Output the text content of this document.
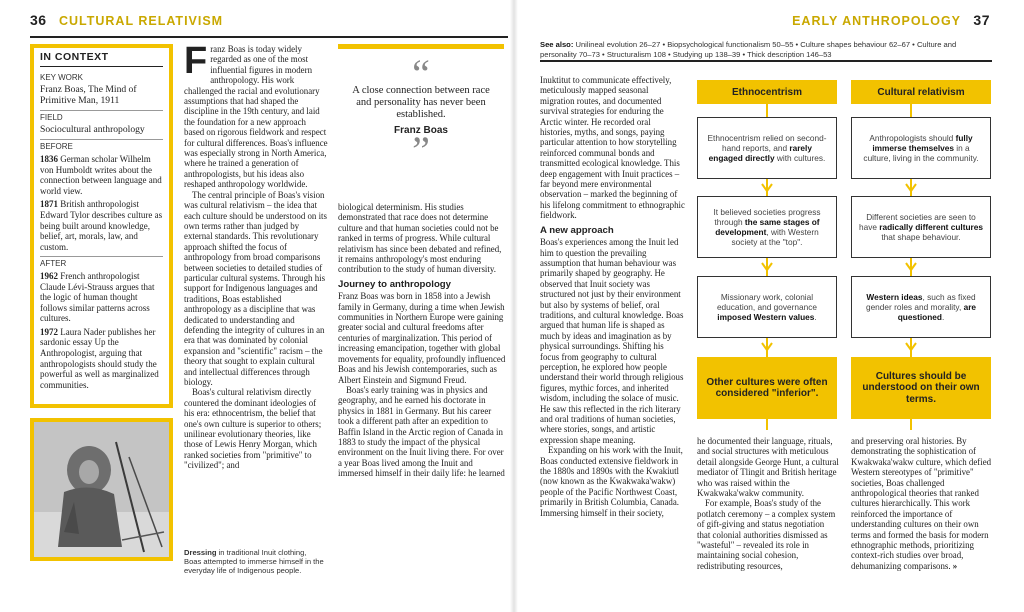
36 CULTURAL RELATIVISM	EARLY ANTHROPOLOGY 37
IN CONTEXT
KEY WORK

Franz Boas, The Mind of Primitive Man, 1911

FIELD

Sociocultural anthropology

BEFORE

1836 German scholar Wilhelm von Humboldt writes about the connection between language and world view.

1871 British anthropologist Edward Tylor describes culture as being built around knowledge, belief, art, morals, law, and custom.

AFTER

1962 French anthropologist Claude Lévi-Strauss argues that the logic of human thought follows similar patterns across cultures.

1972 Laura Nader publishes her sardonic essay Up the Anthropologist, arguing that anthropologists should study the powerful as well as marginalized communities.

Dressing in traditional Inuit clothing, Boas attempted to immerse himself in the everyday life of Indigenous people.

Franz Boas is today widely regarded as one of the most influential figures in modern anthropology. His work challenged the racial and evolutionary assumptions that had shaped the discipline in the 19th century, and laid the foundation for a new approach based on rigorous fieldwork and respect for cultural differences. Boas's influence was especially strong in North America, where he trained a generation of anthropologists, but his ideas also reshaped anthropology worldwide.

The central principle of Boas's vision was cultural relativism – the idea that each culture should be understood on its own terms rather than judged by external standards. This revolutionary approach shifted the focus of anthropology from broad comparisons between societies to detailed studies of particular cultural systems. Through his support for Indigenous languages and traditions, Boas established anthropology as a discipline that was dedicated to understanding and defending the integrity of cultures in an era that was dominated by colonial expansion and "scientific" racism – the theory that sought to explain cultural and intellectual differences through biology.

Boas's cultural relativism directly countered the dominant ideologies of his era: ethnocentrism, the belief that one's own culture is superior to others; unilinear evolutionary theories, like those of Lewis Henry Morgan, which ranked societies from "primitive" to "civilized"; and

“
A close connection between race and personality has never been established.
Franz Boas
”

biological determinism. His studies demonstrated that race does not determine culture and that human societies could not be ranked in terms of progress. While cultural relativism has since been debated and refined, it remains anthropology's most enduring contribution to the study of human diversity.

Journey to anthropology

Franz Boas was born in 1858 into a Jewish family in Germany, during a time when Jewish communities in Northern Europe were gaining greater social and cultural freedoms after centuries of marginalization. This period of increasing emancipation, together with global movements for equality, profoundly influenced Boas and his Jewish contemporaries, such as Albert Einstein and Sigmund Freud.

Boas's early training was in physics and geography, and he earned his doctorate in physics in 1881 in Germany. But his career took a different path after an expedition to Baffin Island in the Arctic region of Canada in 1883 to study the impact of the physical environment on the Inuit living there. For over a year Boas lived among the Inuit and immersed himself in their daily life: he learned

See also: Unilineal evolution 26–27 • Biopsychological functionalism 50–55 • Culture shapes behaviour 62–67 • Culture and personality 70–73 • Structuralism 108 • Studying up 138–39 • Thick description 146–53

Inuktitut to communicate effectively, meticulously mapped seasonal migration routes, and documented survival strategies for enduring the Arctic winter. He recorded oral histories, myths, and songs, paying particular attention to how storytelling reinforced communal bonds and transmitted ecological knowledge. This deep engagement with Inuit practices – far beyond mere environmental observation – marked the beginning of his lifelong commitment to ethnographic fieldwork.

A new approach

Boas's experiences among the Inuit led him to question the prevailing assumption that human behaviour was primarily shaped by geography. He observed that Inuit society was structured not just by their environment but also by systems of belief, oral traditions, and cultural knowledge. Boas argued that human life is shaped as much by ideas and imagination as by physical surroundings. Shifting his focus from geography to cultural perception, he explored how people understand their world through religious figures, mythic forces, and inherited wisdom, including the solace of music. He saw this reflected in the rich literary and oral traditions of human societies, where stories, songs, and artistic expression shape meaning.

Expanding on his work with the Inuit, Boas conducted extensive fieldwork in the 1880s and 1890s with the Kwakiutl (now known as the Kwakwaka'wakw) people of the Pacific Northwest Coast, primarily in British Columbia, Canada. Immersing himself in their society,

Ethnocentrism	Cultural relativism
Ethnocentrism relied on second-hand reports, and rarely engaged directly with cultures.
Anthropologists should fully immerse themselves in a culture, living in the community.
It believed societies progress through the same stages of development, with Western society at the "top".
Different societies are seen to have radically different cultures that shape behaviour.
Missionary work, colonial education, and governance imposed Western values.
Western ideas, such as fixed gender roles and morality, are questioned.
Other cultures were often considered "inferior".
Cultures should be understood on their own terms.

he documented their language, rituals, and social structures with meticulous detail alongside George Hunt, a cultural mediator of Tlingit and British heritage who was raised within the Kwakwaka'wakw community.

For example, Boas's study of the potlatch ceremony – a complex system of gift-giving and status negotiation that colonial authorities dismissed as "wasteful" – revealed its role in maintaining social cohesion, redistributing resources,

and preserving oral histories. By demonstrating the sophistication of Kwakwaka'wakw culture, which defied Western stereotypes of "primitive" societies, Boas challenged anthropological theories that ranked cultures hierarchically. This work reinforced the importance of understanding cultures on their own terms and formed the basis for modern ethnographic methods, prioritizing context-rich studies over broad, dehumanizing comparisons. »
